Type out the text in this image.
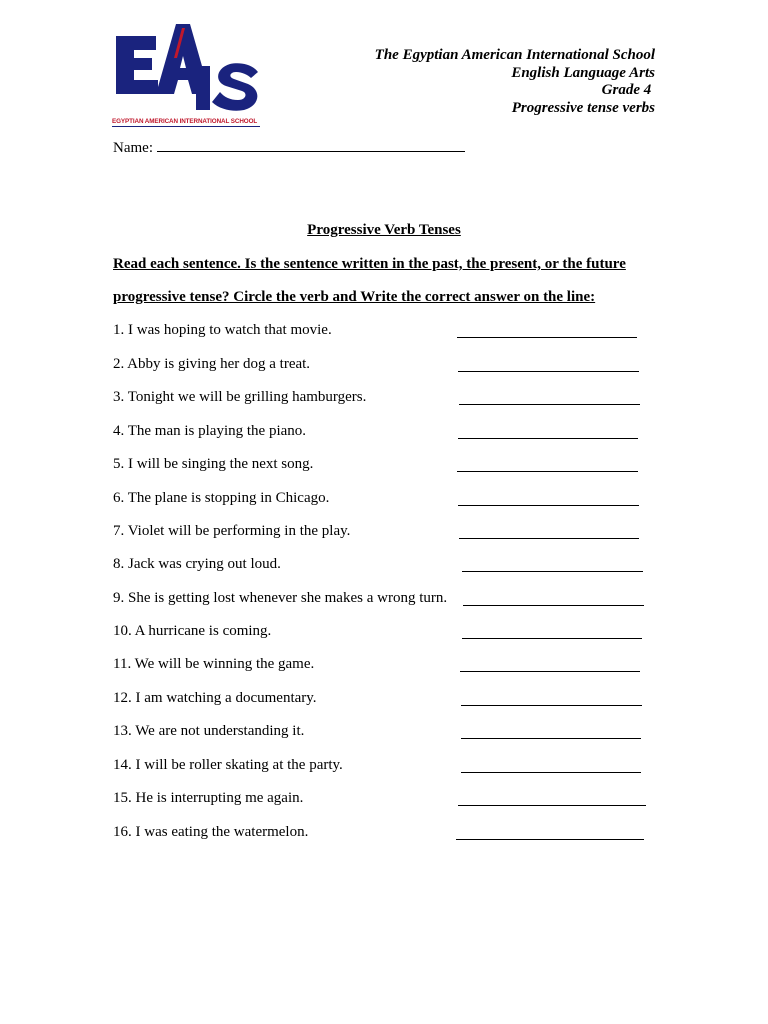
EGYPTIAN AMERICAN INTERNATIONAL SCHOOL
The Egyptian American International School
English Language Arts
Grade 4
Progressive tense verbs
Name:
Progressive Verb Tenses
Read each sentence. Is the sentence written in the past, the present, or the future
progressive tense? Circle the verb and Write the correct answer on the line:
1. I was hoping to watch that movie.
2. Abby is giving her dog a treat.
3. Tonight we will be grilling hamburgers.
4. The man is playing the piano.
5. I will be singing the next song.
6. The plane is stopping in Chicago.
7. Violet will be performing in the play.
8. Jack was crying out loud.
9. She is getting lost whenever she makes a wrong turn.
10. A hurricane is coming.
11. We will be winning the game.
12. I am watching a documentary.
13. We are not understanding it.
14. I will be roller skating at the party.
15. He is interrupting me again.
16. I was eating the watermelon.
